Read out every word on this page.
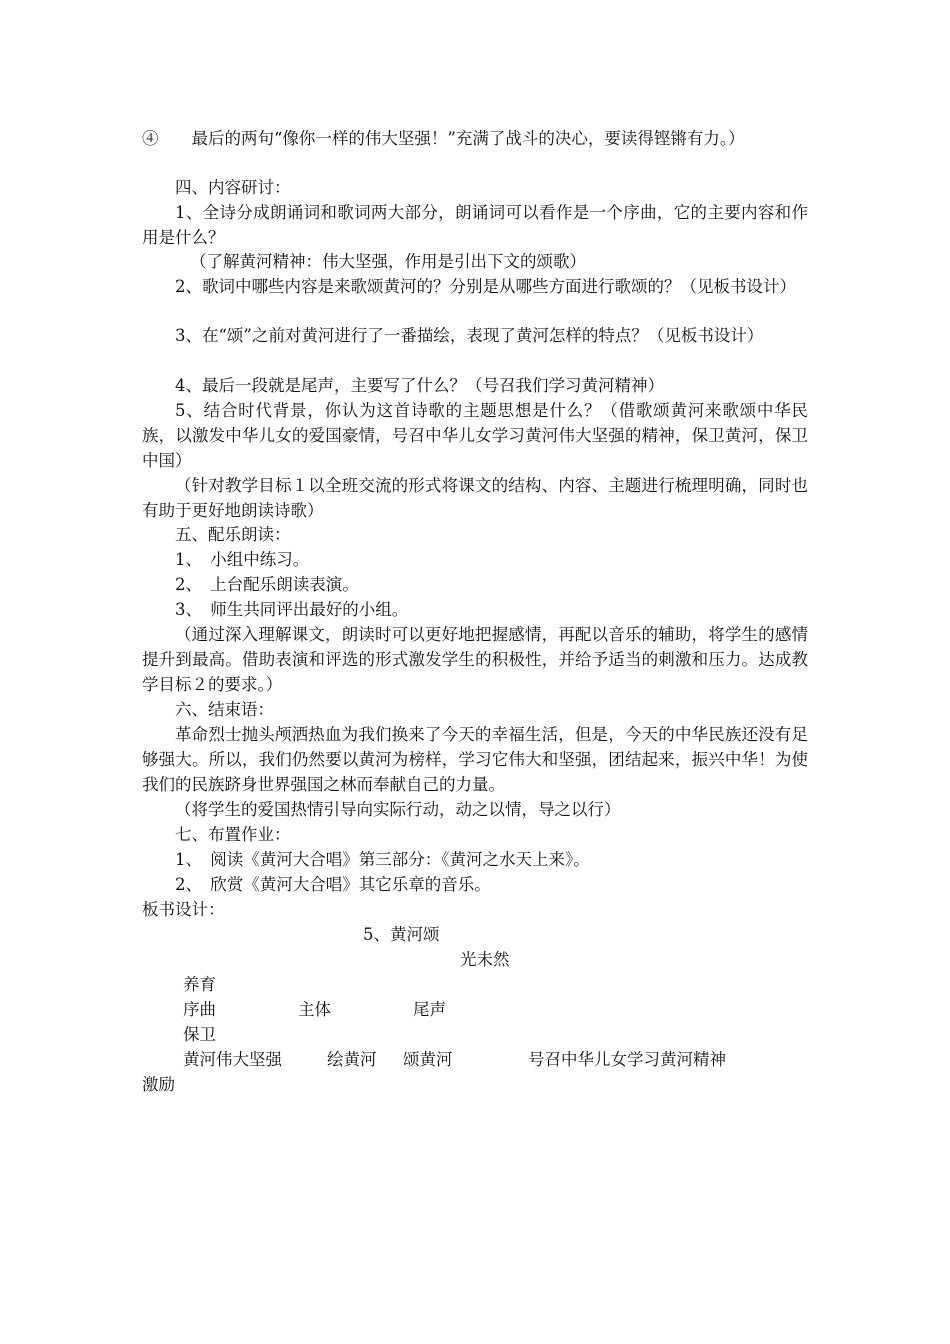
④　　最后的两句“像你一样的伟大坚强！”充满了战斗的决心，要读得铿锵有力。）

四、内容研讨：

1、全诗分成朗诵词和歌词两大部分，朗诵词可以看作是一个序曲，它的主要内容和作用是什么？

（了解黄河精神：伟大坚强，作用是引出下文的颂歌）

2、歌词中哪些内容是来歌颂黄河的？分别是从哪些方面进行歌颂的？（见板书设计）

3、在“颂”之前对黄河进行了一番描绘，表现了黄河怎样的特点？（见板书设计）

4、最后一段就是尾声，主要写了什么？（号召我们学习黄河精神）

5、结合时代背景，你认为这首诗歌的主题思想是什么？（借歌颂黄河来歌颂中华民族，以激发中华儿女的爱国豪情，号召中华儿女学习黄河伟大坚强的精神，保卫黄河，保卫中国）

（针对教学目标１以全班交流的形式将课文的结构、内容、主题进行梳理明确，同时也有助于更好地朗读诗歌）

五、配乐朗读：

1、　小组中练习。

2、　上台配乐朗读表演。

3、　师生共同评出最好的小组。

（通过深入理解课文，朗读时可以更好地把握感情，再配以音乐的辅助，将学生的感情提升到最高。借助表演和评选的形式激发学生的积极性，并给予适当的刺激和压力。达成教学目标２的要求。）

六、结束语：

革命烈士抛头颅洒热血为我们换来了今天的幸福生活，但是，今天的中华民族还没有足够强大。所以，我们仍然要以黄河为榜样，学习它伟大和坚强，团结起来，振兴中华！为使我们的民族跻身世界强国之林而奉献自己的力量。

（将学生的爱国热情引导向实际行动，动之以情，导之以行）

七、布置作业：

1、　阅读《黄河大合唱》第三部分：《黄河之水天上来》。

2、　欣赏《黄河大合唱》其它乐章的音乐。

板书设计：

5、黄河颂

光未然

养育

序曲	主体	尾声

保卫

黄河伟大坚强	绘黄河 颂黄河	号召中华儿女学习黄河精神

激励
